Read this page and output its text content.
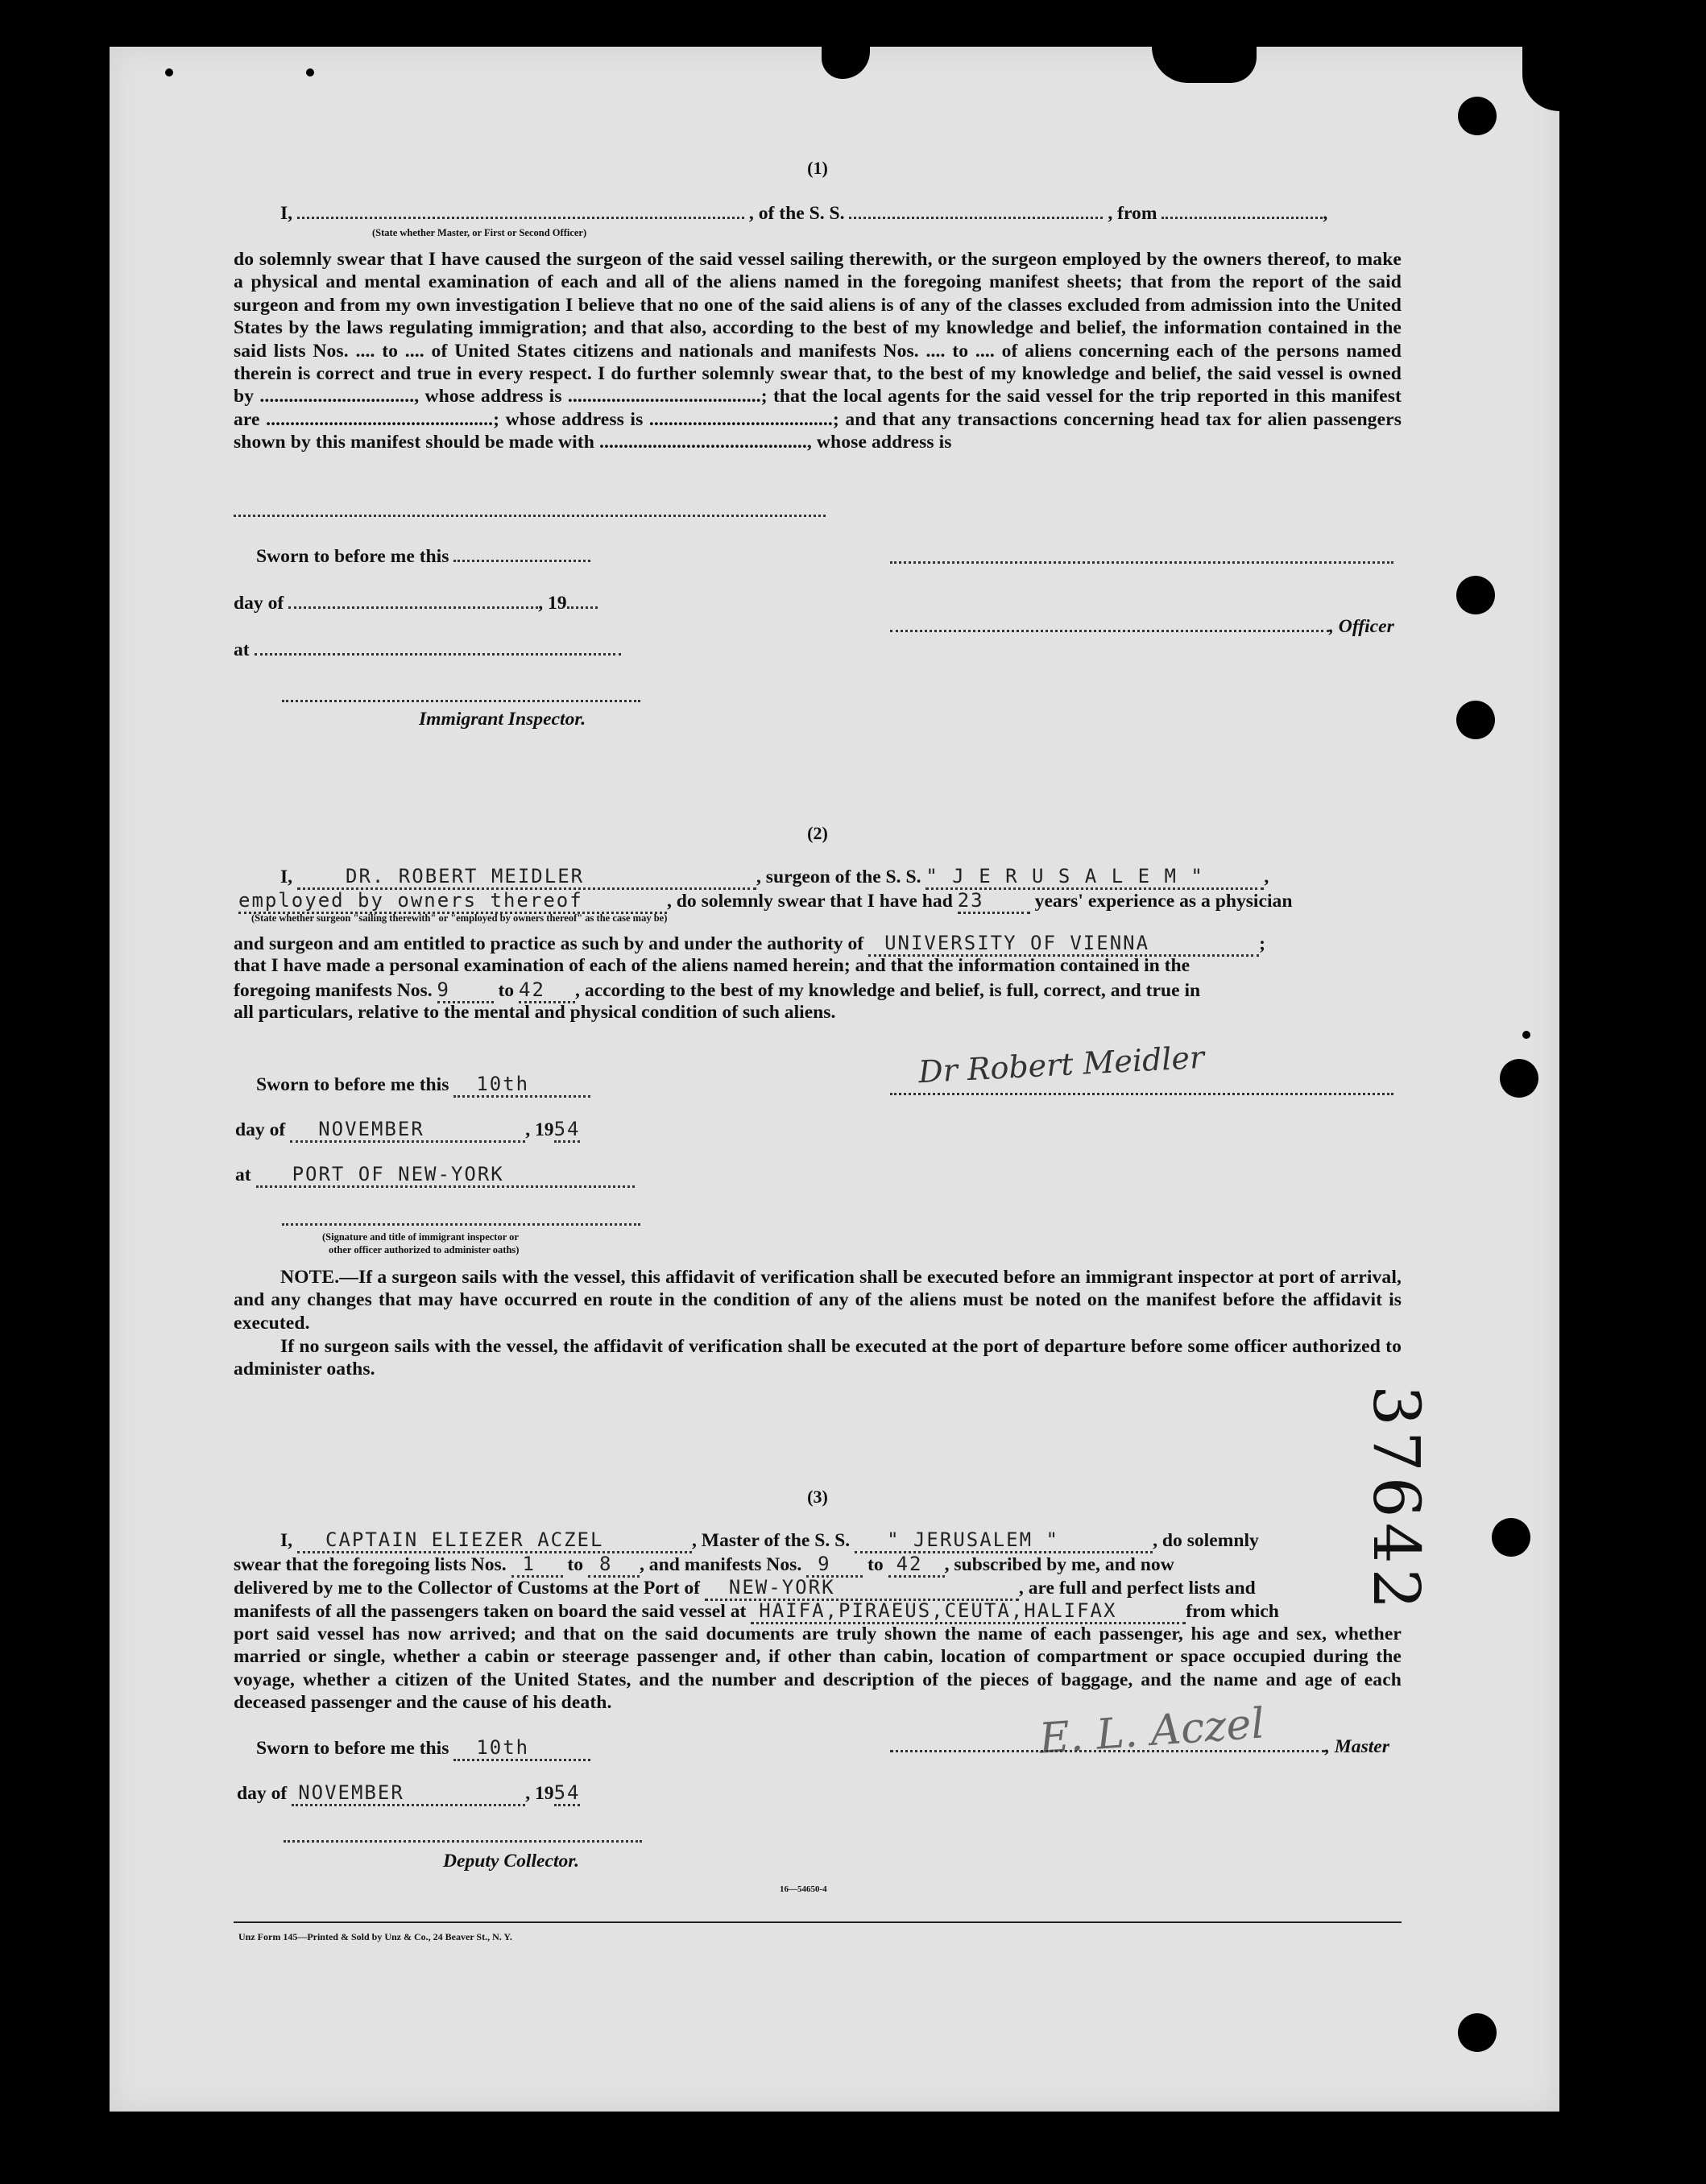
(1)
I,	, of the S. S.	, from	,
(State whether Master, or First or Second Officer)
do solemnly swear that I have caused the surgeon of the said vessel sailing therewith, or the surgeon employed by the owners thereof, to make a physical and mental examination of each and all of the aliens named in the foregoing manifest sheets; that from the report of the said surgeon and from my own investigation I believe that no one of the said aliens is of any of the classes excluded from admission into the United States by the laws regulating immigration; and that also, according to the best of my knowledge and belief, the information contained in the said lists Nos. .... to .... of United States citizens and nationals and manifests Nos. .... to .... of aliens concerning each of the persons named therein is correct and true in every respect. I do further solemnly swear that, to the best of my knowledge and belief, the said vessel is owned by ................................, whose address is ........................................; that the local agents for the said vessel for the trip reported in this manifest are ...............................................; whose address is ......................................; and that any transactions concerning head tax for alien passengers shown by this manifest should be made with ..........................................., whose address is
Sworn to before me this
day of	, 19
at
, Officer
Immigrant Inspector.
(2)
I,	DR. ROBERT MEIDLER	, surgeon of the S. S. " J E R U S A L E M "	,
employed by owners thereof	, do solemnly swear that I have had 23	years' experience as a physician
(State whether surgeon "sailing therewith" or "employed by owners thereof" as the case may be)
and surgeon and am entitled to practice as such by and under the authority of UNIVERSITY OF VIENNA	;
that I have made a personal examination of each of the aliens named herein; and that the information contained in the
foregoing manifests Nos. 9	to 42 , according to the best of my knowledge and belief, is full, correct, and true in
all particulars, relative to the mental and physical condition of such aliens.
Sworn to before me this 10th
day of NOVEMBER	, 1954
at PORT OF NEW-YORK
Dr Robert Meidler
(Signature and title of immigrant inspector or
other officer authorized to administer oaths)
NOTE.—If a surgeon sails with the vessel, this affidavit of verification shall be executed before an immigrant inspector at port of arrival, and any changes that may have occurred en route in the condition of any of the aliens must be noted on the manifest before the affidavit is executed.
If no surgeon sails with the vessel, the affidavit of verification shall be executed at the port of departure before some officer authorized to administer oaths.
(3)
I, CAPTAIN ELIEZER ACZEL	, Master of the S. S. " JERUSALEM "	, do solemnly
swear that the foregoing lists Nos. 1 to 8 , and manifests Nos. 9 to 42 , subscribed by me, and now
delivered by me to the Collector of Customs at the Port of NEW-YORK	, are full and perfect lists and
manifests of all the passengers taken on board the said vessel at HAIFA,PIRAEUS,CEUTA,HALIFAX	from which
port said vessel has now arrived; and that on the said documents are truly shown the name of each passenger, his age and sex, whether married or single, whether a cabin or steerage passenger and, if other than cabin, location of compartment or space occupied during the voyage, whether a citizen of the United States, and the number and description of the pieces of baggage, and the name and age of each deceased passenger and the cause of his death.
Sworn to before me this 10th
day of NOVEMBER	, 1954
E. L. Aczel	, Master
Deputy Collector.
16—54650-4
Unz Form 145—Printed & Sold by Unz & Co., 24 Beaver St., N. Y.
37642
